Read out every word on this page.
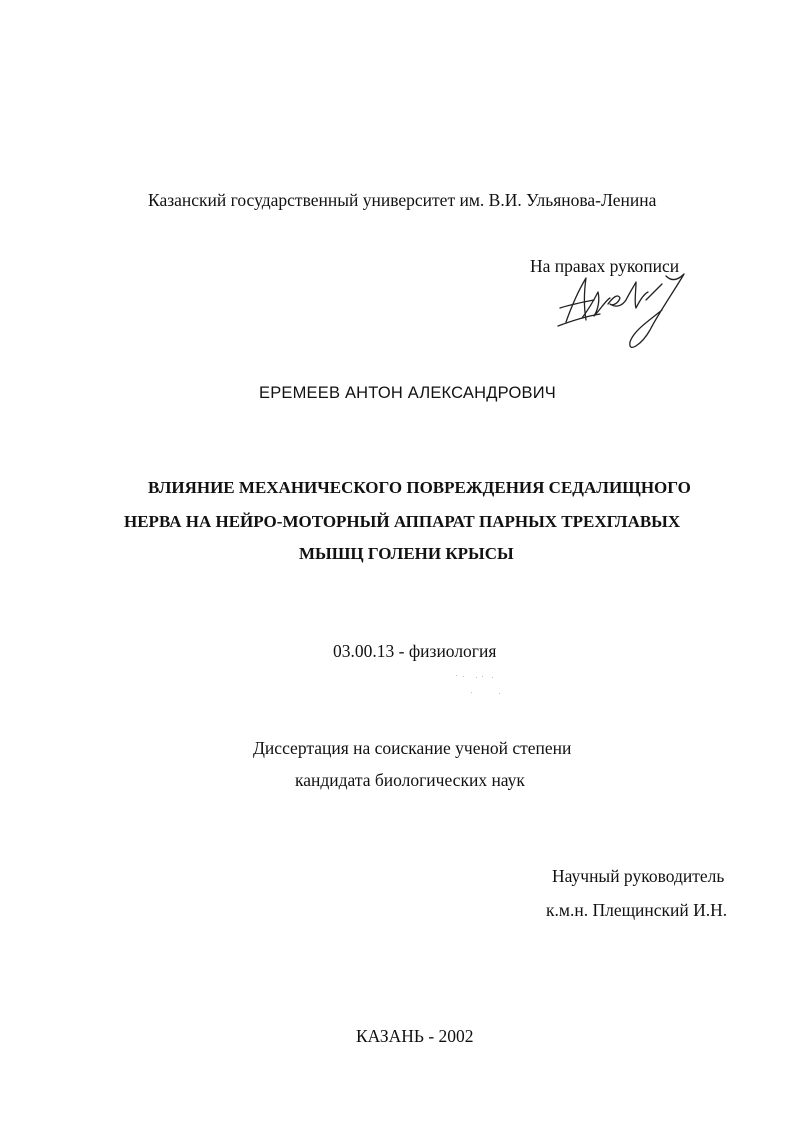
Казанский государственный университет им. В.И. Ульянова-Ленина
На правах рукописи
ЕРЕМЕЕВ АНТОН АЛЕКСАНДРОВИЧ
ВЛИЯНИЕ МЕХАНИЧЕСКОГО ПОВРЕЖДЕНИЯ СЕДАЛИЩНОГО
НЕРВА НА НЕЙРО-МОТОРНЫЙ АППАРАТ ПАРНЫХ ТРЕХГЛАВЫХ
МЫШЦ ГОЛЕНИ КРЫСЫ
03.00.13 - физиология
Диссертация на соискание ученой степени
кандидата биологических наук
Научный руководитель
к.м.н. Плещинский И.Н.
КАЗАНЬ - 2002
